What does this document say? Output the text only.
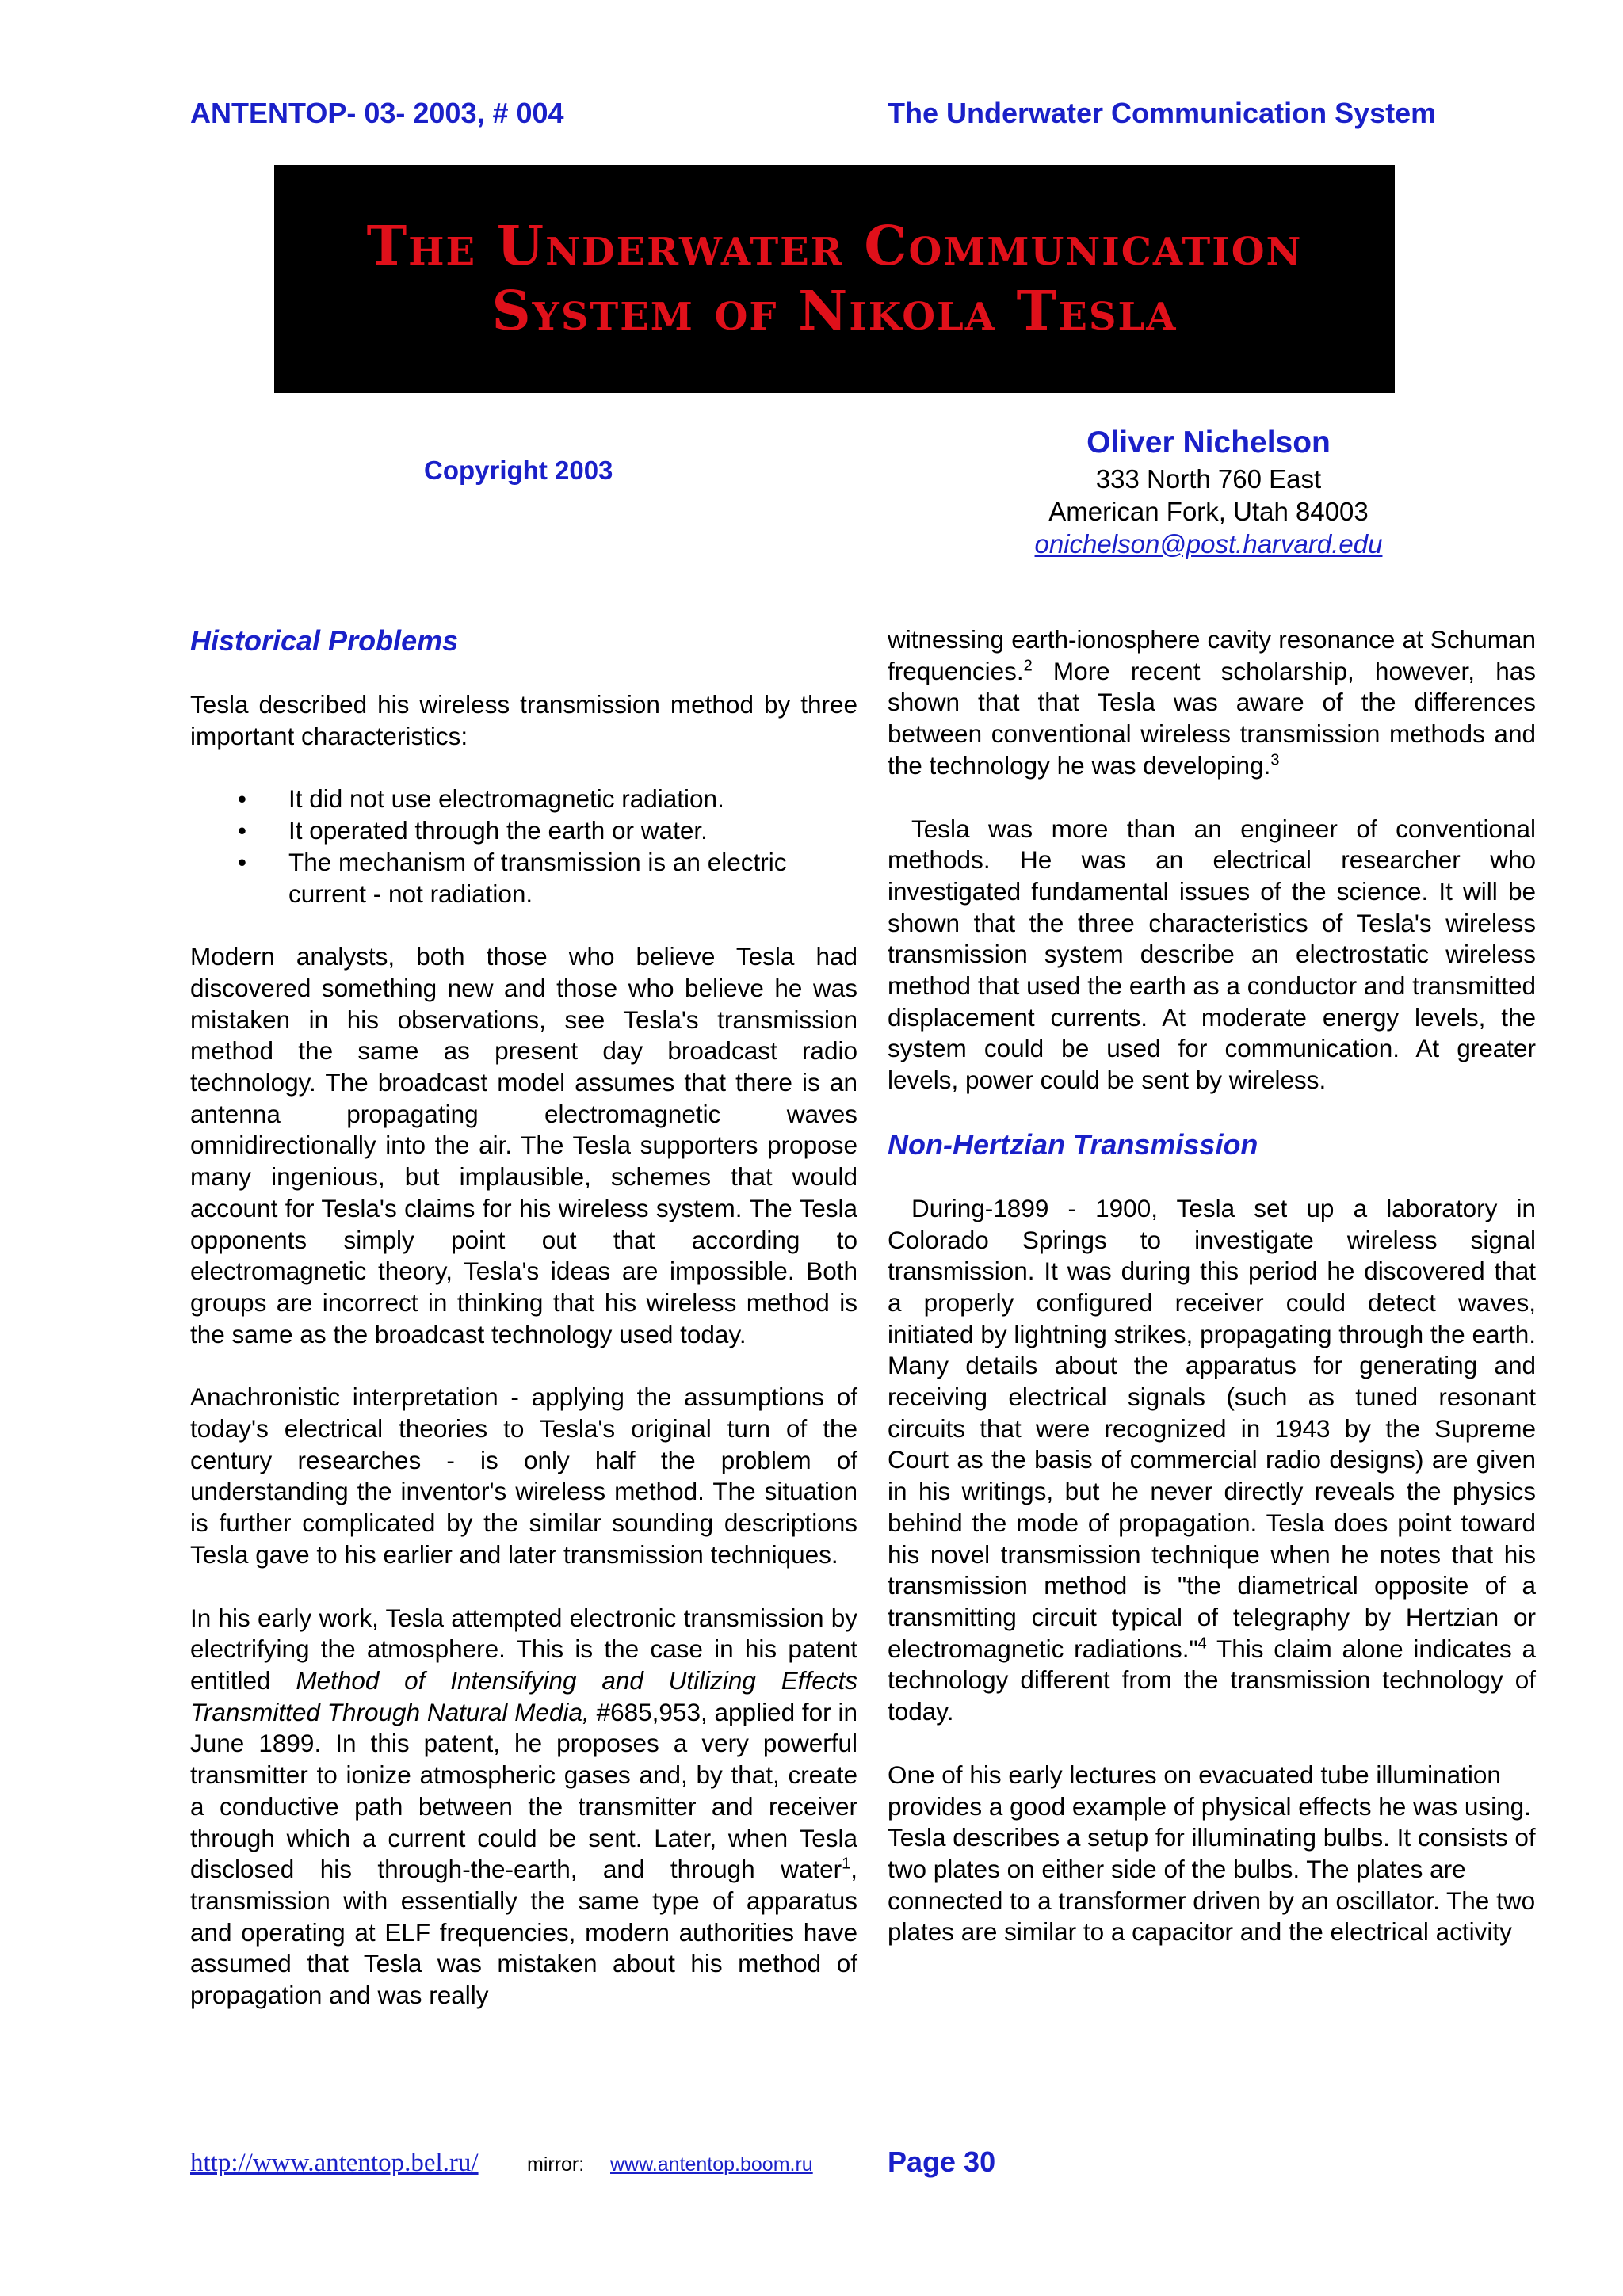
ANTENTOP- 03- 2003, # 004	The Underwater Communication System
The Underwater Communication
System of Nikola Tesla
Copyright 2003
Oliver Nichelson
333 North 760 East
American Fork, Utah 84003
onichelson@post.harvard.edu
Historical Problems

Tesla described his wireless transmission method by three important characteristics:

• It did not use electromagnetic radiation.
• It operated through the earth or water.
• The mechanism of transmission is an electric current - not radiation.

Modern analysts, both those who believe Tesla had discovered something new and those who believe he was mistaken in his observations, see Tesla's transmission method the same as present day broadcast radio technology. The broadcast model assumes that there is an antenna propagating electromagnetic waves omnidirectionally into the air. The Tesla supporters propose many ingenious, but implausible, schemes that would account for Tesla's claims for his wireless system. The Tesla opponents simply point out that according to electromagnetic theory, Tesla's ideas are impossible. Both groups are incorrect in thinking that his wireless method is the same as the broadcast technology used today.

Anachronistic interpretation - applying the assumptions of today's electrical theories to Tesla's original turn of the century researches - is only half the problem of understanding the inventor's wireless method. The situation is further complicated by the similar sounding descriptions Tesla gave to his earlier and later transmission techniques.

In his early work, Tesla attempted electronic transmission by electrifying the atmosphere. This is the case in his patent entitled Method of Intensifying and Utilizing Effects Transmitted Through Natural Media, #685,953, applied for in June 1899. In this patent, he proposes a very powerful transmitter to ionize atmospheric gases and, by that, create a conductive path between the transmitter and receiver through which a current could be sent. Later, when Tesla disclosed his through-the-earth, and through water$^1$, transmission with essentially the same type of apparatus and operating at ELF frequencies, modern authorities have assumed that Tesla was mistaken about his method of propagation and was really

witnessing earth-ionosphere cavity resonance at Schuman frequencies.$^2$ More recent scholarship, however, has shown that that Tesla was aware of the differences between conventional wireless transmission methods and the technology he was developing.$^3$

Tesla was more than an engineer of conventional methods. He was an electrical researcher who investigated fundamental issues of the science. It will be shown that the three characteristics of Tesla's wireless transmission system describe an electrostatic wireless method that used the earth as a conductor and transmitted displacement currents. At moderate energy levels, the system could be used for communication. At greater levels, power could be sent by wireless.

Non-Hertzian Transmission

During-1899 - 1900, Tesla set up a laboratory in Colorado Springs to investigate wireless signal transmission. It was during this period he discovered that a properly configured receiver could detect waves, initiated by lightning strikes, propagating through the earth. Many details about the apparatus for generating and receiving electrical signals (such as tuned resonant circuits that were recognized in 1943 by the Supreme Court as the basis of commercial radio designs) are given in his writings, but he never directly reveals the physics behind the mode of propagation. Tesla does point toward his novel transmission technique when he notes that his transmission method is "the diametrical opposite of a transmitting circuit typical of telegraphy by Hertzian or electromagnetic radiations."$^4$ This claim alone indicates a technology different from the transmission technology of today.

One of his early lectures on evacuated tube illumination provides a good example of physical effects he was using. Tesla describes a setup for illuminating bulbs. It consists of two plates on either side of the bulbs. The plates are connected to a transformer driven by an oscillator. The two plates are similar to a capacitor and the electrical activity

http://www.antentop.bel.ru/ mirror: www.antentop.boom.ru	Page 30
